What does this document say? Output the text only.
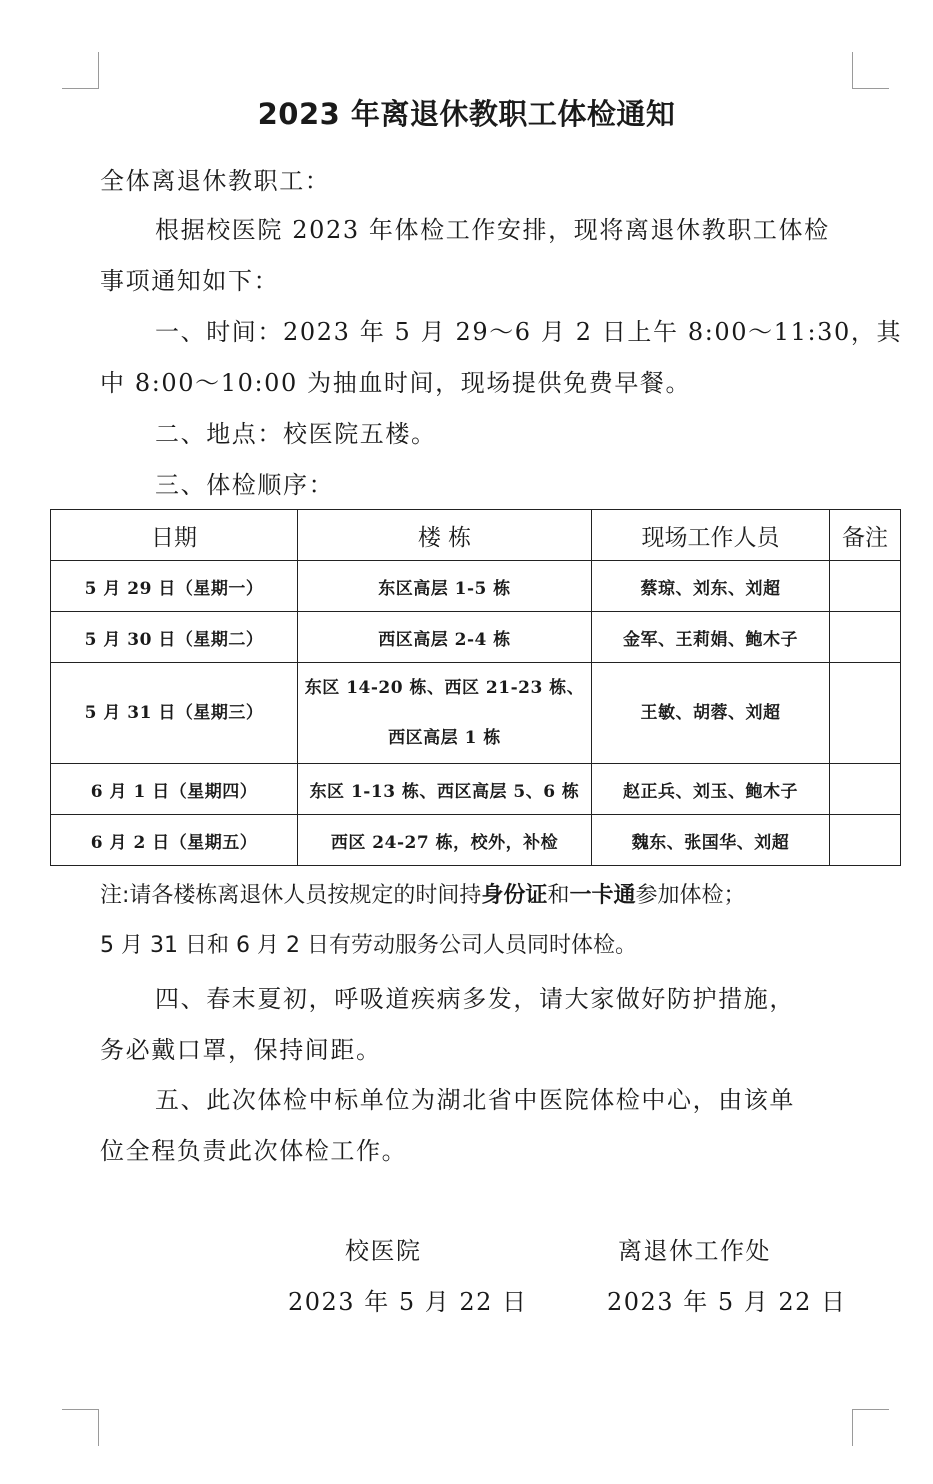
2023 年离退休教职工体检通知
全体离退休教职工：
根据校医院 2023 年体检工作安排，现将离退休教职工体检
事项通知如下：
一、时间：2023 年 5 月 29～6 月 2 日上午 8:00～11:30，其
中 8:00～10:00 为抽血时间，现场提供免费早餐。
二、地点：校医院五楼。
三、体检顺序：
日期	楼 栋	现场工作人员	备注
5 月 29 日（星期一）	东区高层 1-5 栋	蔡琼、刘东、刘超	
5 月 30 日（星期二）	西区高层 2-4 栋	金军、王莉娟、鲍木子	
5 月 31 日（星期三）	东区 14-20 栋、西区 21-23 栋、
西区高层 1 栋	王敏、胡蓉、刘超	
6 月 1 日（星期四）	东区 1-13 栋、西区高层 5、6 栋	赵正兵、刘玉、鲍木子	
6 月 2 日（星期五）	西区 24-27 栋，校外，补检	魏东、张国华、刘超	
注:请各楼栋离退休人员按规定的时间持身份证和一卡通参加体检；
5 月 31 日和 6 月 2 日有劳动服务公司人员同时体检。
四、春末夏初，呼吸道疾病多发，请大家做好防护措施，
务必戴口罩，保持间距。
五、此次体检中标单位为湖北省中医院体检中心，由该单
位全程负责此次体检工作。
校医院	离退休工作处
2023 年 5 月 22 日	2023 年 5 月 22 日
